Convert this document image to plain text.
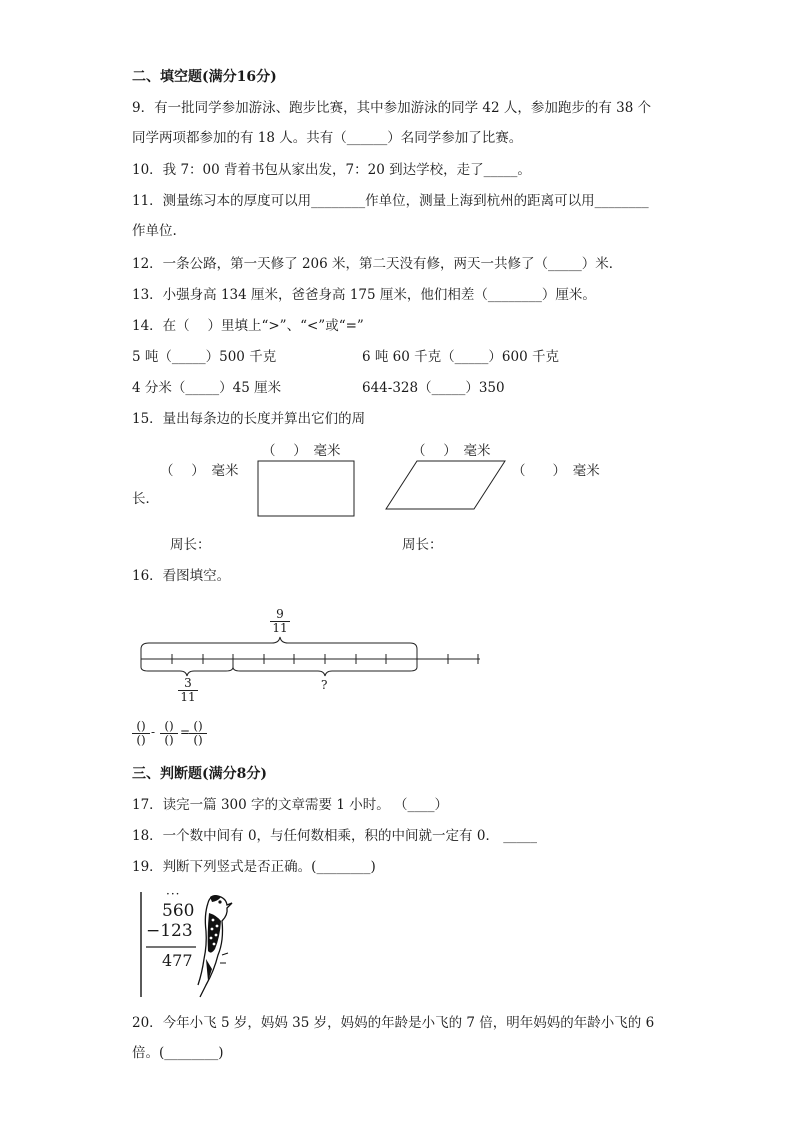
二、填空题(满分16分)
9．有一批同学参加游泳、跑步比赛，其中参加游泳的同学 42 人，参加跑步的有 38 个
同学两项都参加的有 18 人。共有（______）名同学参加了比赛。
10．我 7：00 背着书包从家出发，7：20 到达学校，走了_____。
11．测量练习本的厚度可以用________作单位，测量上海到杭州的距离可以用________
作单位.
12．一条公路，第一天修了 206 米，第二天没有修，两天一共修了（_____）米．
13．小强身高 134 厘米，爸爸身高 175 厘米，他们相差（________）厘米。
14．在（　 ）里填上“>”、“<”或“=”
5 吨（_____）500 千克	6 吨 60 千克（_____）600 千克
4 分米（_____）45 厘米	644-328（_____）350
15．量出每条边的长度并算出它们的周
（　 ）　毫米
（　 ）　毫米
（　 ）　毫米
（　　）　毫米
长．
周长：	周长：
16．看图填空。
$\frac{9}{11}$
$\frac{3}{11}$	?
()
()
- ()
()
= ()
()
三、判断题(满分8分)
17．读完一篇 300 字的文章需要 1 小时。 （____）
18．一个数中间有 0，与任何数相乘，积的中间就一定有 0． _____
19．判断下列竖式是否正确。(________)
···
560
−123
477
20．今年小飞 5 岁，妈妈 35 岁，妈妈的年龄是小飞的 7 倍，明年妈妈的年龄小飞的 6
倍。(________)
